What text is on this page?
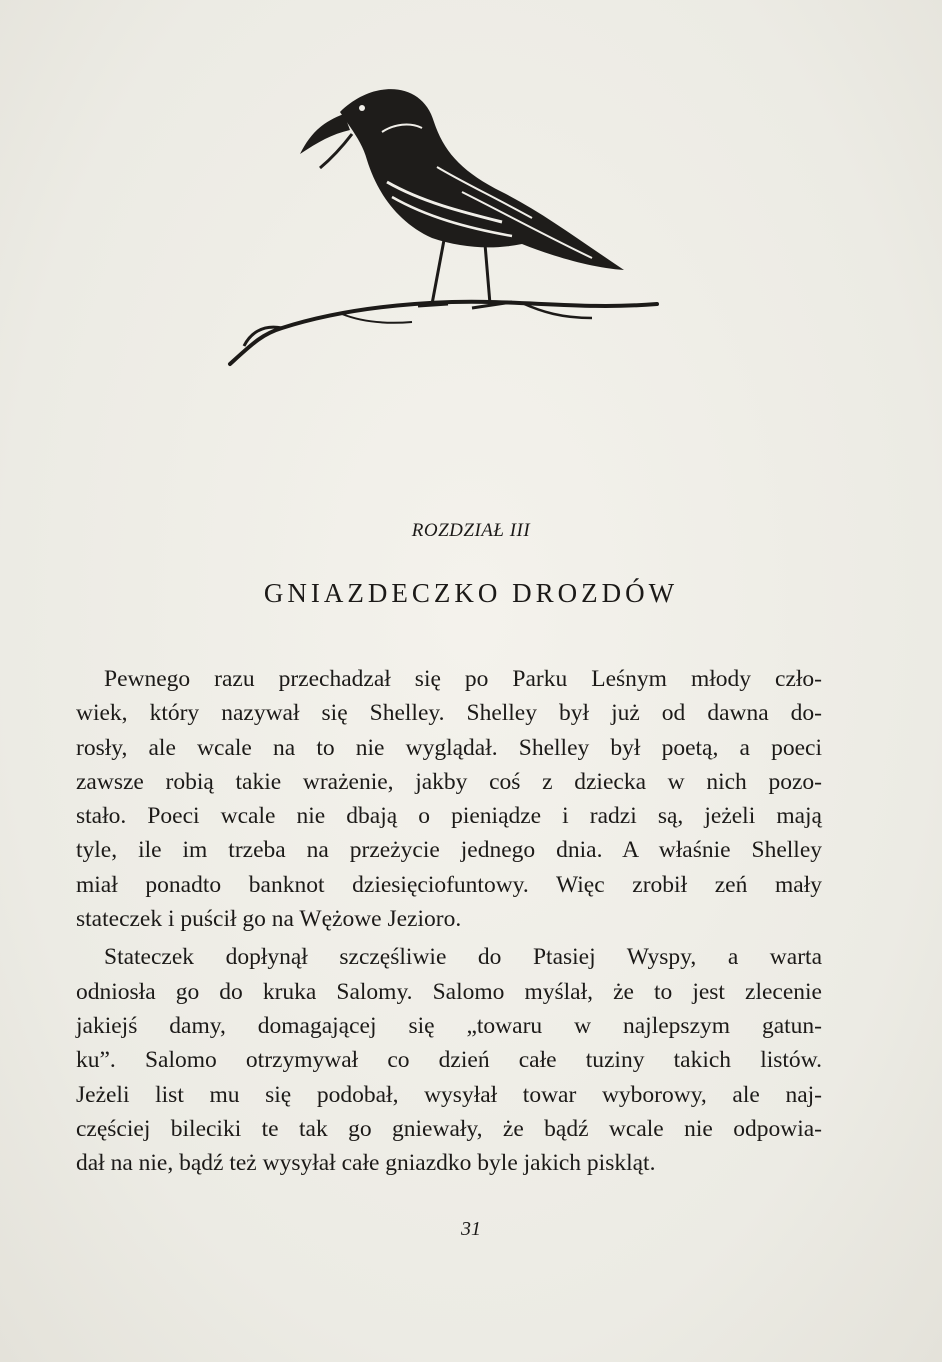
ROZDZIAŁ III
GNIAZDECZKO DROZDÓW
Pewnego razu przechadzał się po Parku Leśnym młody czło-
wiek, który nazywał się Shelley. Shelley był już od dawna do-
rosły, ale wcale na to nie wyglądał. Shelley był poetą, a poeci
zawsze robią takie wrażenie, jakby coś z dziecka w nich pozo-
stało. Poeci wcale nie dbają o pieniądze i radzi są, jeżeli mają
tyle, ile im trzeba na przeżycie jednego dnia. A właśnie Shelley
miał ponadto banknot dziesięciofuntowy. Więc zrobił zeń mały
stateczek i puścił go na Wężowe Jezioro.
Stateczek dopłynął szczęśliwie do Ptasiej Wyspy, a warta
odniosła go do kruka Salomy. Salomo myślał, że to jest zlecenie
jakiejś damy, domagającej się „towaru w najlepszym gatun-
ku”. Salomo otrzymywał co dzień całe tuziny takich listów.
Jeżeli list mu się podobał, wysyłał towar wyborowy, ale naj-
częściej bileciki te tak go gniewały, że bądź wcale nie odpowia-
dał na nie, bądź też wysyłał całe gniazdko byle jakich piskląt.
31
